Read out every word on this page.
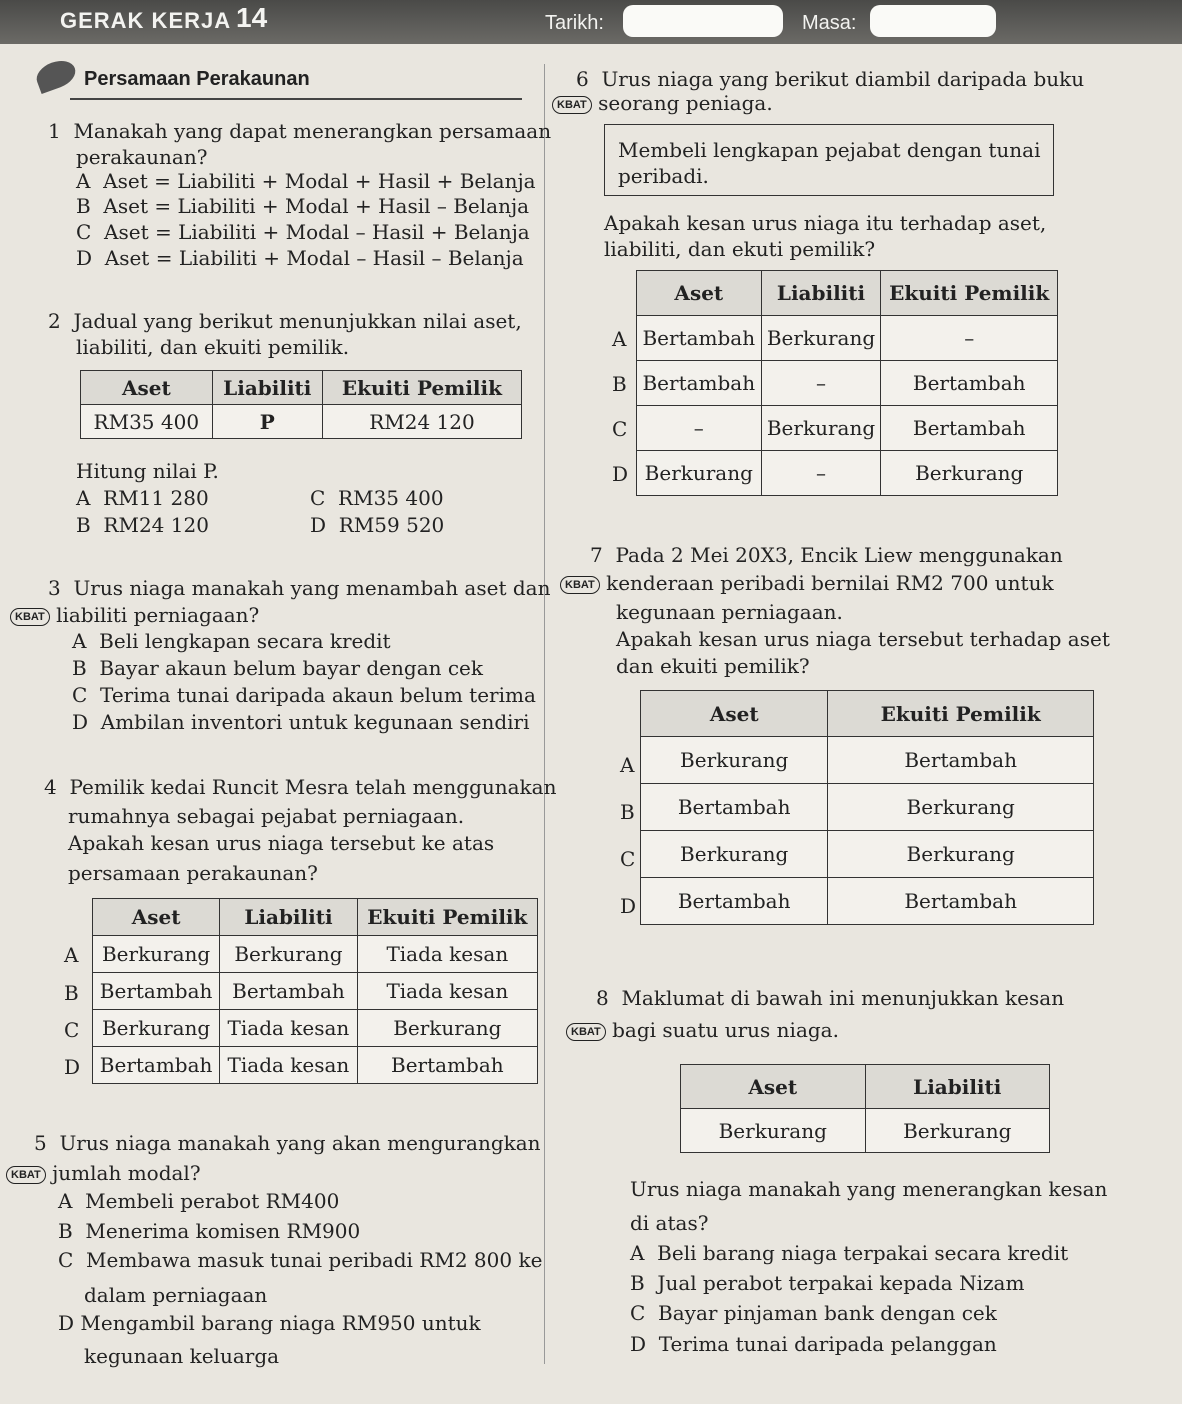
GERAK KERJA 14	Tarikh:	Masa:
Persamaan Perakaunan
1 Manakah yang dapat menerangkan persamaan
perakaunan?
A Aset = Liabiliti + Modal + Hasil + Belanja
B Aset = Liabiliti + Modal + Hasil – Belanja
C Aset = Liabiliti + Modal – Hasil + Belanja
D Aset = Liabiliti + Modal – Hasil – Belanja
2 Jadual yang berikut menunjukkan nilai aset,
liabiliti, dan ekuiti pemilik.
Aset	Liabiliti	Ekuiti Pemilik
RM35 400	P	RM24 120
Hitung nilai P.
A RM11 280	C RM35 400
B RM24 120	D RM59 520
3 Urus niaga manakah yang menambah aset dan
KBAT liabiliti perniagaan?
A Beli lengkapan secara kredit
B Bayar akaun belum bayar dengan cek
C Terima tunai daripada akaun belum terima
D Ambilan inventori untuk kegunaan sendiri
4 Pemilik kedai Runcit Mesra telah menggunakan
rumahnya sebagai pejabat perniagaan.
Apakah kesan urus niaga tersebut ke atas
persamaan perakaunan?
A
B
C
D
Aset	Liabiliti	Ekuiti Pemilik
Berkurang	Berkurang	Tiada kesan
Bertambah	Bertambah	Tiada kesan
Berkurang	Tiada kesan	Berkurang
Bertambah	Tiada kesan	Bertambah
5 Urus niaga manakah yang akan mengurangkan
KBAT jumlah modal?
A Membeli perabot RM400
B Menerima komisen RM900
C Membawa masuk tunai peribadi RM2 800 ke
dalam perniagaan
D Mengambil barang niaga RM950 untuk
kegunaan keluarga
6 Urus niaga yang berikut diambil daripada buku
KBAT seorang peniaga.
Membeli lengkapan pejabat dengan tunai
peribadi.
Apakah kesan urus niaga itu terhadap aset,
liabiliti, dan ekuti pemilik?
A
B
C
D
Aset	Liabiliti	Ekuiti Pemilik
Bertambah	Berkurang	–
Bertambah	–	Bertambah
–	Berkurang	Bertambah
Berkurang	–	Berkurang
7 Pada 2 Mei 20X3, Encik Liew menggunakan
KBAT kenderaan peribadi bernilai RM2 700 untuk
kegunaan perniagaan.
Apakah kesan urus niaga tersebut terhadap aset
dan ekuiti pemilik?
A
B
C
D
Aset	Ekuiti Pemilik
Berkurang	Bertambah
Bertambah	Berkurang
Berkurang	Berkurang
Bertambah	Bertambah
8 Maklumat di bawah ini menunjukkan kesan
KBAT bagi suatu urus niaga.
Aset	Liabiliti
Berkurang	Berkurang
Urus niaga manakah yang menerangkan kesan
di atas?
A Beli barang niaga terpakai secara kredit
B Jual perabot terpakai kepada Nizam
C Bayar pinjaman bank dengan cek
D Terima tunai daripada pelanggan
